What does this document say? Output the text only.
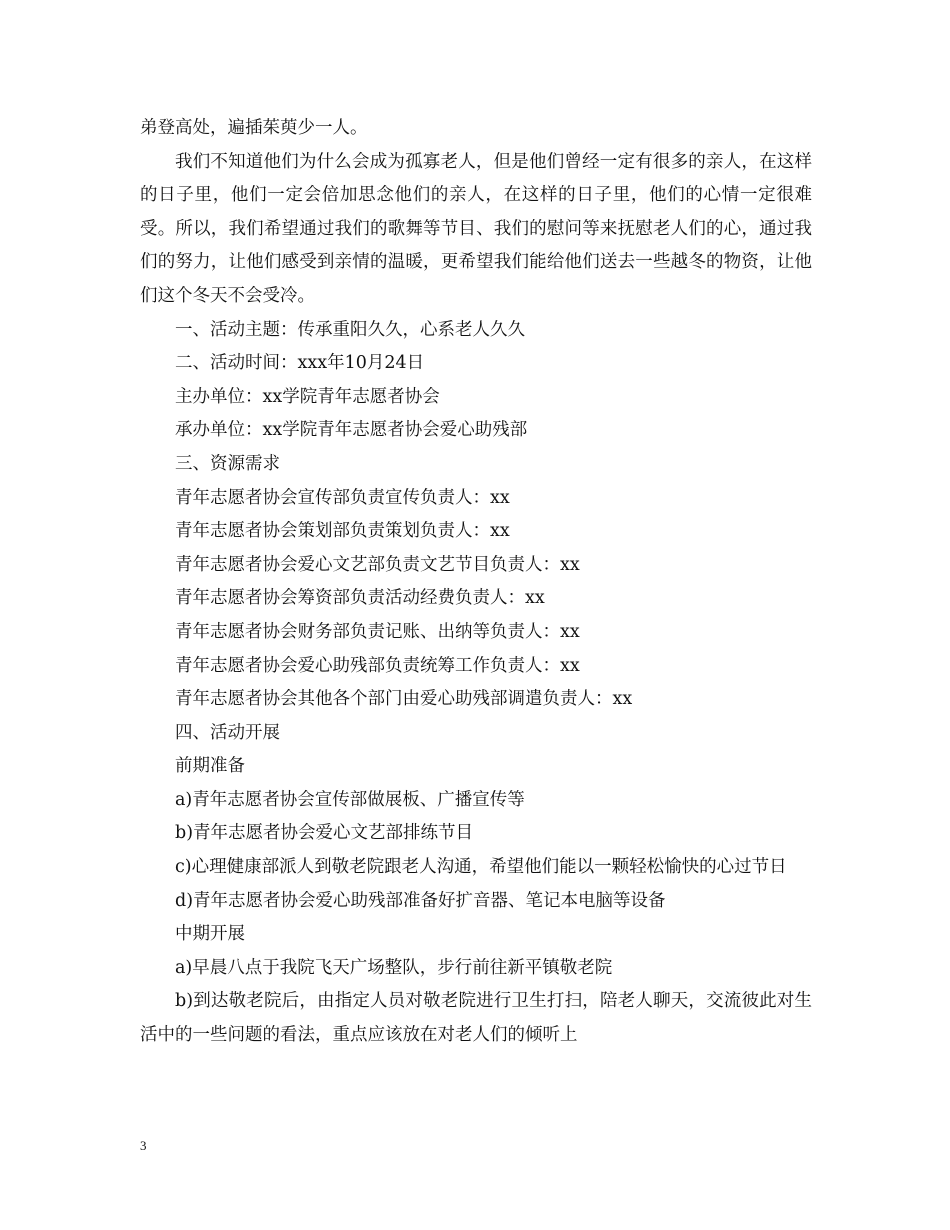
弟登高处，遍插茱萸少一人。

我们不知道他们为什么会成为孤寡老人，但是他们曾经一定有很多的亲人，在这样的日子里，他们一定会倍加思念他们的亲人，在这样的日子里，他们的心情一定很难受。所以，我们希望通过我们的歌舞等节目、我们的慰问等来抚慰老人们的心，通过我们的努力，让他们感受到亲情的温暖，更希望我们能给他们送去一些越冬的物资，让他们这个冬天不会受冷。

一、活动主题：传承重阳久久，心系老人久久

二、活动时间：xxx年10月24日

主办单位：xx学院青年志愿者协会

承办单位：xx学院青年志愿者协会爱心助残部

三、资源需求

青年志愿者协会宣传部负责宣传负责人：xx

青年志愿者协会策划部负责策划负责人：xx

青年志愿者协会爱心文艺部负责文艺节目负责人：xx

青年志愿者协会筹资部负责活动经费负责人：xx

青年志愿者协会财务部负责记账、出纳等负责人：xx

青年志愿者协会爱心助残部负责统筹工作负责人：xx

青年志愿者协会其他各个部门由爱心助残部调遣负责人：xx

四、活动开展

前期准备

a)青年志愿者协会宣传部做展板、广播宣传等

b)青年志愿者协会爱心文艺部排练节目

c)心理健康部派人到敬老院跟老人沟通，希望他们能以一颗轻松愉快的心过节日

d)青年志愿者协会爱心助残部准备好扩音器、笔记本电脑等设备

中期开展

a)早晨八点于我院飞天广场整队，步行前往新平镇敬老院

b)到达敬老院后，由指定人员对敬老院进行卫生打扫，陪老人聊天，交流彼此对生活中的一些问题的看法，重点应该放在对老人们的倾听上

3
